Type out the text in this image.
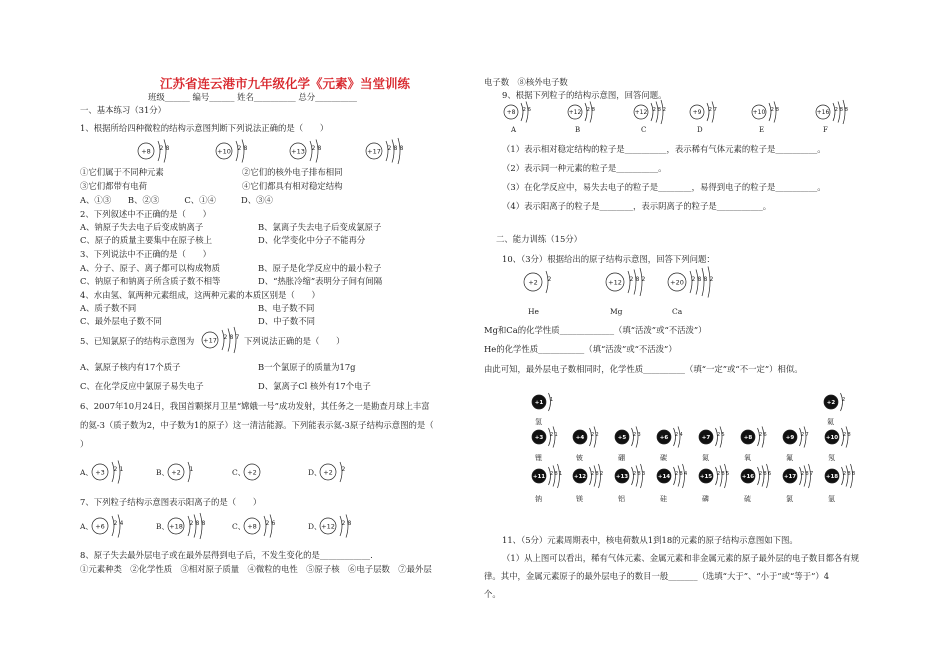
江苏省连云港市九年级化学《元素》当堂训练
班级______ 编号______ 姓名__________ 总分__________
一、基本练习（31分）
1、根据所给四种微粒的结构示意图判断下列说法正确的是（　　）
+8 2 8	+10 2 8	+13 2 8	+17 2 8 8
①它们属于不同种元素	②它们的核外电子排布相同
③它们都带有电荷	④它们都具有相对稳定结构
A、①③　　B、②③　　　C、①④　　　D、③④
2、下列叙述中不正确的是（　　）
A、钠原子失去电子后变成钠离子	B、氯离子失去电子后变成氯原子
C、原子的质量主要集中在原子核上	D、化学变化中分子不能再分
3、下列说法中不正确的是（　　）
A、分子、原子、离子都可以构成物质	B、原子是化学反应中的最小粒子
C、钠原子和钠离子所含质子数不相等	D、“热胀冷缩”表明分子间有间隔
4、水由氢、氧两种元素组成，这两种元素的本质区别是（　　）
A、质子数不同	B、电子数不同
C、最外层电子数不同	D、中子数不同
5、已知氯原子的结构示意图为 +17 2 8 7 下列说法正确的是（　　）
A、氯原子核内有17个质子	B一个氯原子的质量为17g
C、在化学反应中氯原子易失电子	D、氯离子Cl 核外有17个电子
6、2007年10月24日，我国首颗探月卫星“嫦娥一号”成功发射，其任务之一是勘查月球上丰富
的氦-3（质子数为2，中子数为1的原子）这一清洁能源。下列能表示氦-3原子结构示意图的是（
）
A、 +3 2 1	B、 +2 1	C、 +2	D、 +2 2
7、下列粒子结构示意图表示阳离子的是（　　）
A、 +6 2 4	B、 +18 2 8 8	C、 +8 2 6	D、 +12 2 8
8、原子失去最外层电子或在最外层得到电子后，不发生变化的是____________.
①元素种类　②化学性质　③相对原子质量　④微粒的电性　⑤原子核　⑥电子层数　⑦最外层
电子数　⑧核外电子数
9、根据下列粒子的结构示意图，回答问题。
+8 2 6
A
+12 2 8
B
+12 2 8 2
C
+9 2 7
D
+10 2 8
E
+16 2 8 8
F
（1）表示相对稳定结构的粒子是__________，表示稀有气体元素的粒子是__________。
（2）表示同一种元素的粒子是__________。
（3）在化学反应中，易失去电子的粒子是________，易得到电子的粒子是__________。
（4）表示阳离子的粒子是________，表示阴离子的粒子是___________。
二、能力训练（15分）
10、（3分）根据给出的原子结构示意图，回答下列问题：
+2 2
He
+12 2 8 2
Mg
+20 2 8 8 2
Ca
Mg和Ca的化学性质_____________（填“活泼”或“不活泼”）
He的化学性质___________（填“活泼”或“不活泼”）
由此可知，最外层电子数相同时，化学性质__________（填“一定”或“不一定”）相似。
+1 1
氢
+2 2
氦
+3 2 1
锂
+4 2 2
铍
+5 2 3
硼
+6 2 4
碳
+7 2 5
氮
+8 2 6
氧
+9 2 7
氟
+10 2 8
氖
+11 2 8 1
钠
+12 2 8 2
镁
+13 2 8 3
铝
+14 2 8 4
硅
+15 2 8 5
磷
+16 2 8 6
硫
+17 2 8 7
氯
+18 2 8 8
氩
11、（5分）元素周期表中，核电荷数从1到18的元素的原子结构示意图如下图。
（1）从上图可以看出，稀有气体元素、金属元素和非金属元素的原子最外层的电子数目都各有规
律。其中，金属元素原子的最外层电子的数目一般_______（选填“大于”、“小于”或“等于”）4
个。
